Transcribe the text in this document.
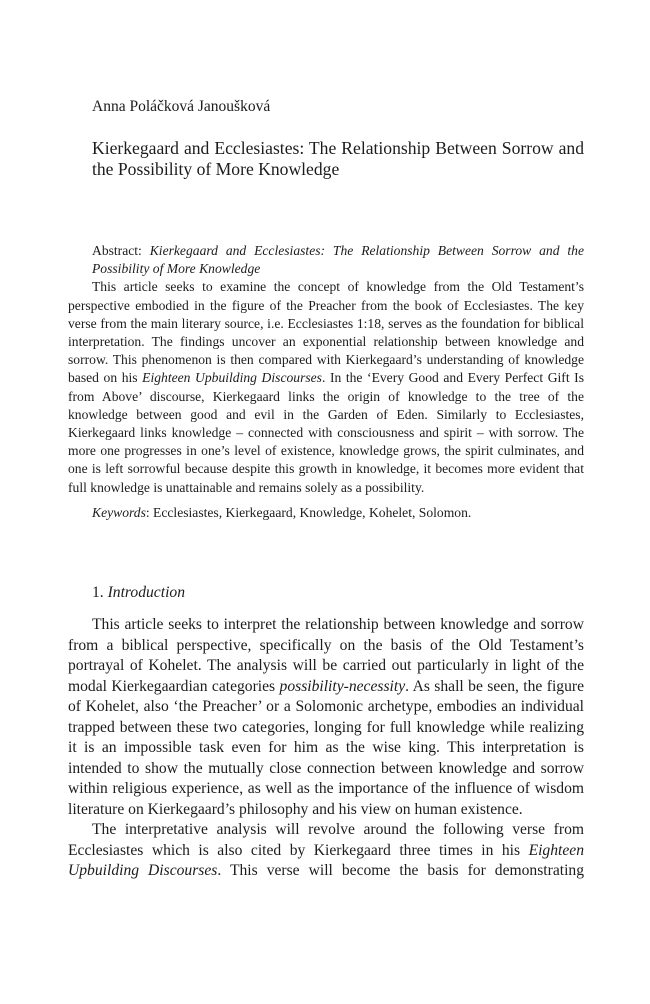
Anna Poláčková Janoušková
Kierkegaard and Ecclesiastes: The Relationship Between Sorrow and the Possibility of More Knowledge

Abstract: Kierkegaard and Ecclesiastes: The Relationship Between Sorrow and the Possibility of More Knowledge

This article seeks to examine the concept of knowledge from the Old Testament’s perspective embodied in the figure of the Preacher from the book of Ecclesiastes. The key verse from the main literary source, i.e. Ecclesiastes 1:18, serves as the foundation for biblical interpretation. The findings uncover an exponential relationship between knowledge and sorrow. This phenomenon is then compared with Kierkegaard’s understanding of knowledge based on his Eighteen Upbuilding Discourses. In the ‘Every Good and Every Perfect Gift Is from Above’ discourse, Kierkegaard links the origin of knowledge to the tree of the knowledge between good and evil in the Garden of Eden. Similarly to Ecclesiastes, Kierkegaard links knowledge – connected with consciousness and spirit – with sorrow. The more one progresses in one’s level of existence, knowledge grows, the spirit culminates, and one is left sorrowful because despite this growth in knowledge, it becomes more evident that full knowledge is unattainable and remains solely as a possibility.

Keywords: Ecclesiastes, Kierkegaard, Knowledge, Kohelet, Solomon.

1. Introduction

This article seeks to interpret the relationship between knowledge and sorrow from a biblical perspective, specifically on the basis of the Old Testament’s portrayal of Kohelet. The analysis will be carried out particularly in light of the modal Kierkegaardian categories possibility-necessity. As shall be seen, the figure of Kohelet, also ‘the Preacher’ or a Solomonic archetype, embodies an individual trapped between these two categories, longing for full knowledge while realizing it is an impossible task even for him as the wise king. This interpretation is intended to show the mutually close connection between knowledge and sorrow within religious experience, as well as the importance of the influence of wisdom literature on Kierkegaard’s philosophy and his view on human existence.

The interpretative analysis will revolve around the following verse from Ecclesiastes which is also cited by Kierkegaard three times in his Eighteen Upbuilding Discourses. This verse will become the basis for demonstrating
